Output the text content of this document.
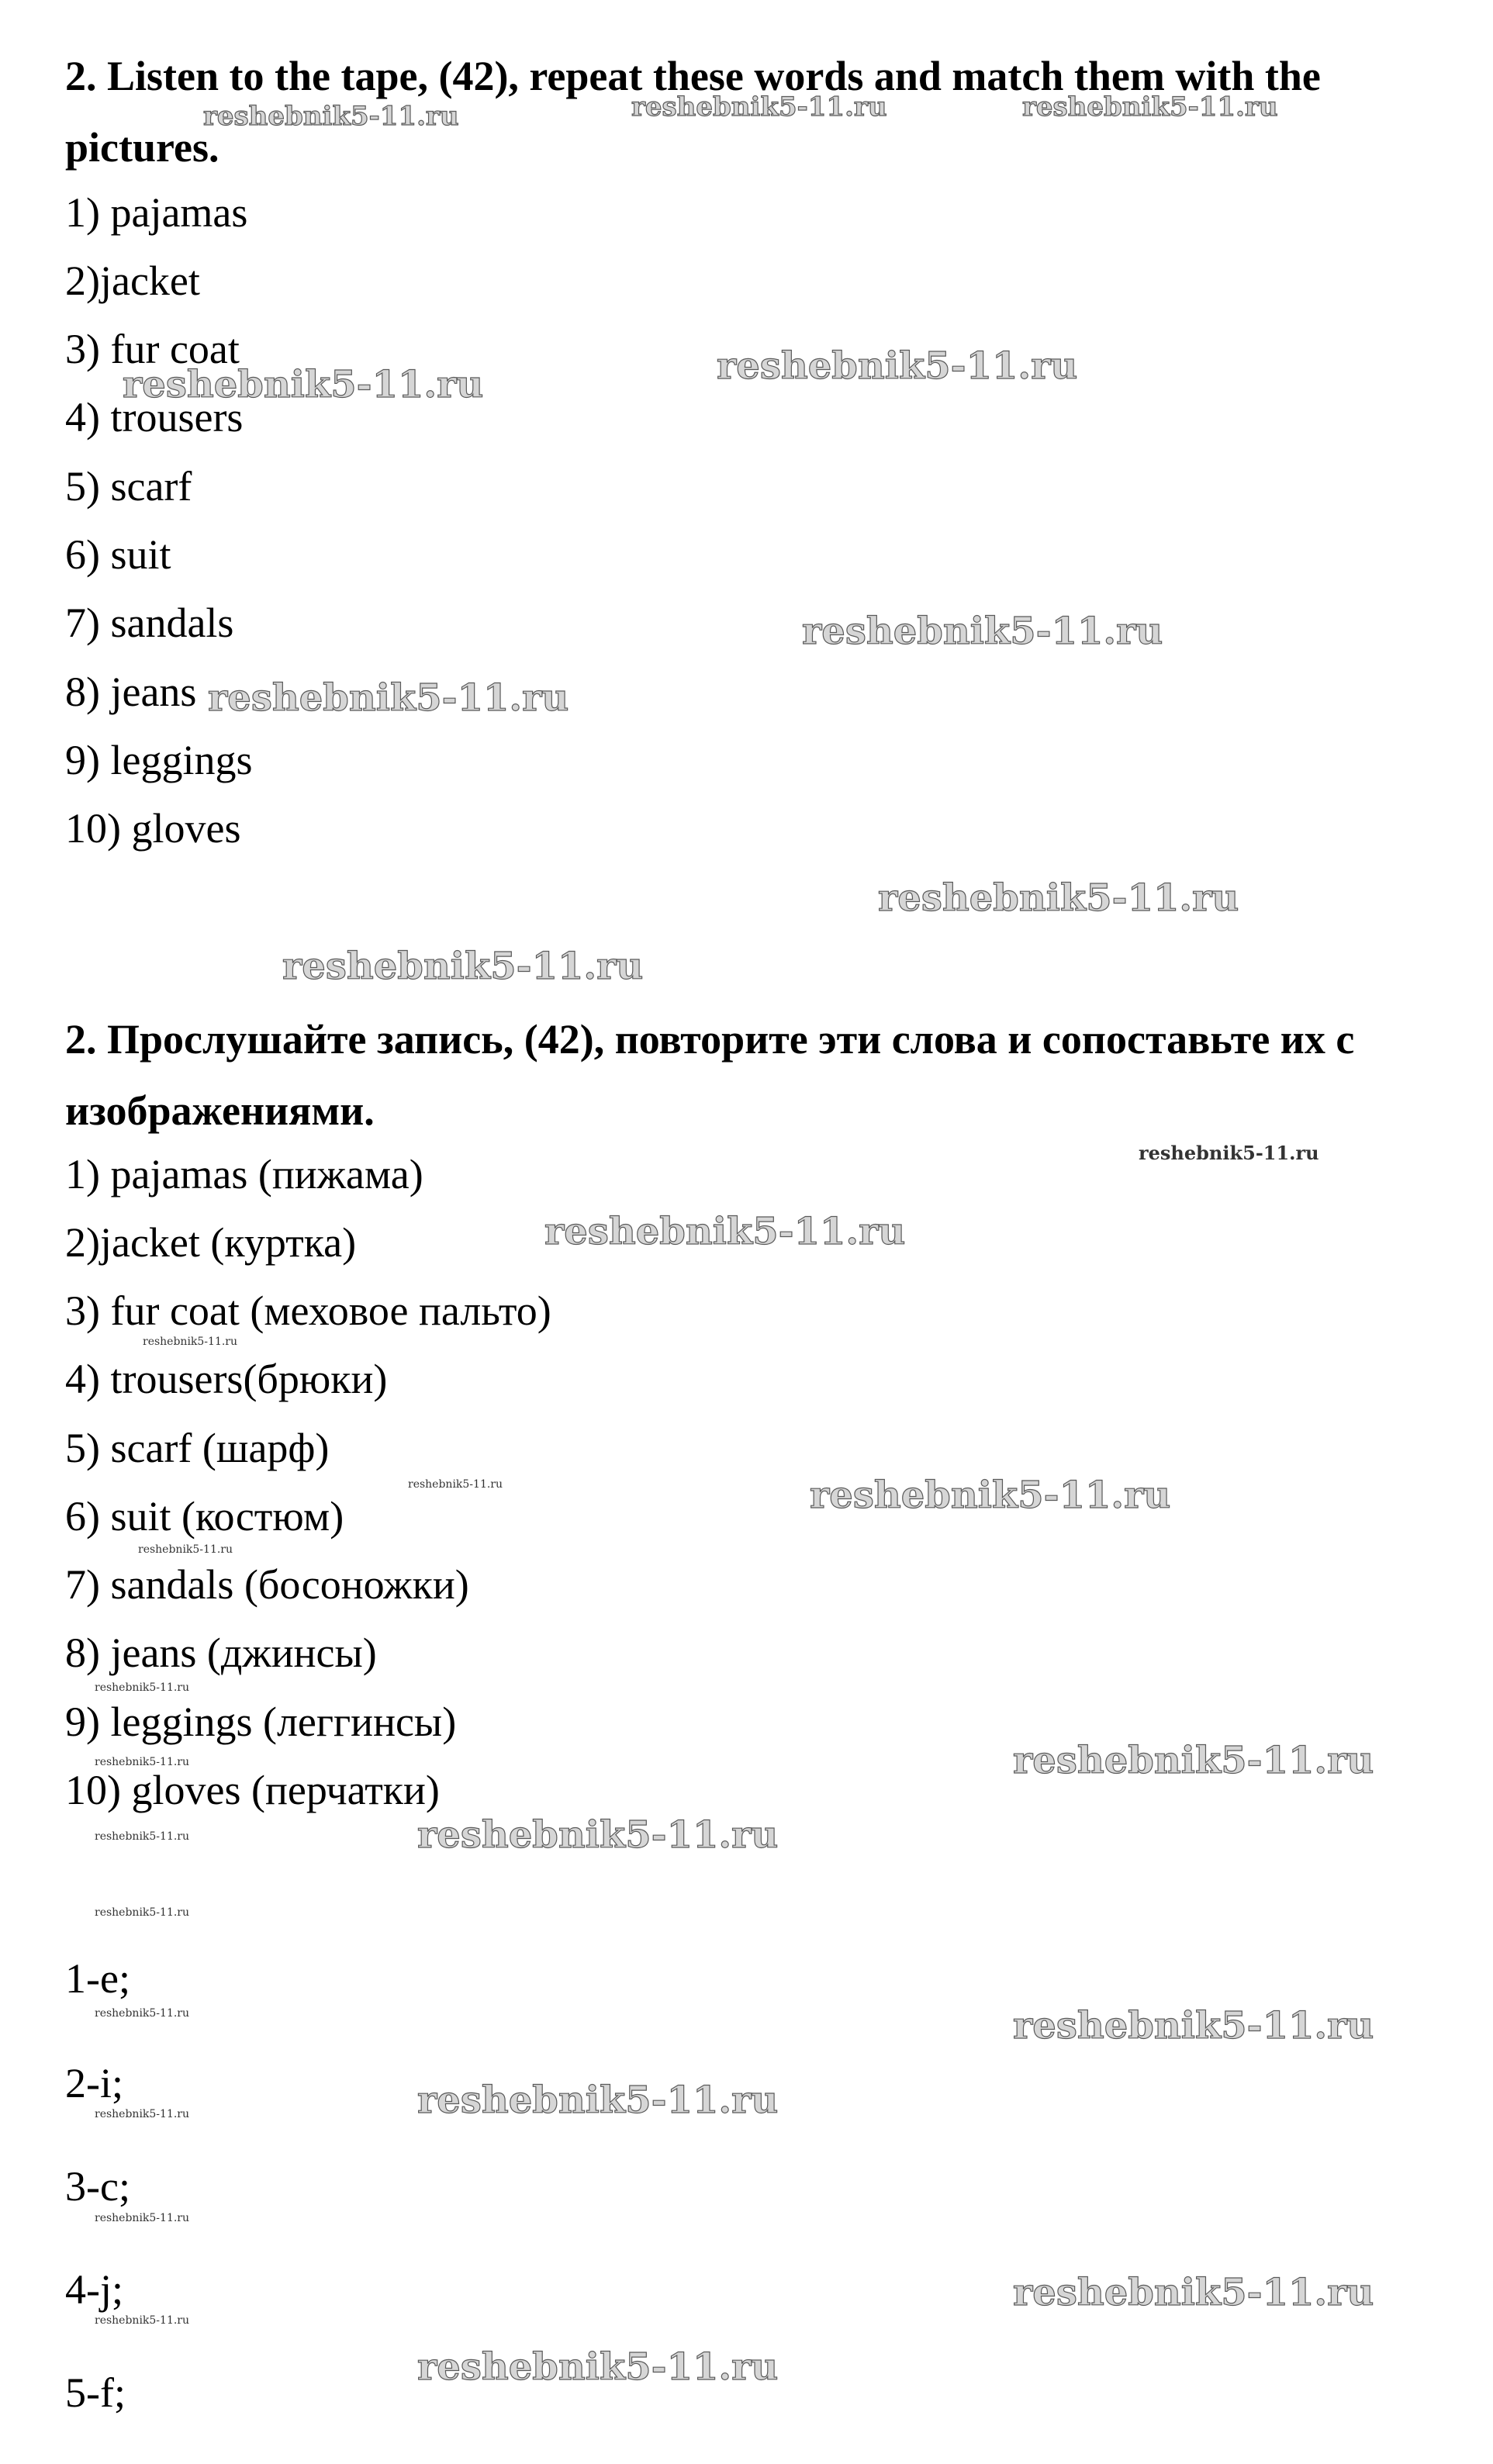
2. Listen to the tape, (42), repeat these words and match them with the pictures.
1) pajamas
2)jacket
3) fur coat
4) trousers
5) scarf
6) suit
7) sandals
8) jeans
9) leggings
10) gloves
2. Прослушайте запись, (42), повторите эти слова и сопоставьте их с изображениями.
1) pajamas (пижама)
2)jacket (куртка)
3) fur coat (меховое пальто)
4) trousers(брюки)
5) scarf (шарф)
6) suit (костюм)
7) sandals (босоножки)
8) jeans (джинсы)
9) leggings (леггинсы)
10) gloves (перчатки)
1-e;
2-i;
3-c;
4-j;
5-f;
reshebnik5-11.ru	reshebnik5-11.ru	reshebnik5-11.ru
reshebnik5-11.ru	reshebnik5-11.ru
reshebnik5-11.ru
reshebnik5-11.ru
reshebnik5-11.ru
reshebnik5-11.ru
reshebnik5-11.ru
reshebnik5-11.ru
reshebnik5-11.ru
reshebnik5-11.ru	reshebnik5-11.ru
reshebnik5-11.ru
reshebnik5-11.ru
reshebnik5-11.ru	reshebnik5-11.ru
reshebnik5-11.ru	reshebnik5-11.ru
reshebnik5-11.ru
reshebnik5-11.ru	reshebnik5-11.ru
reshebnik5-11.ru	reshebnik5-11.ru
reshebnik5-11.ru
reshebnik5-11.ru
reshebnik5-11.ru
reshebnik5-11.ru
